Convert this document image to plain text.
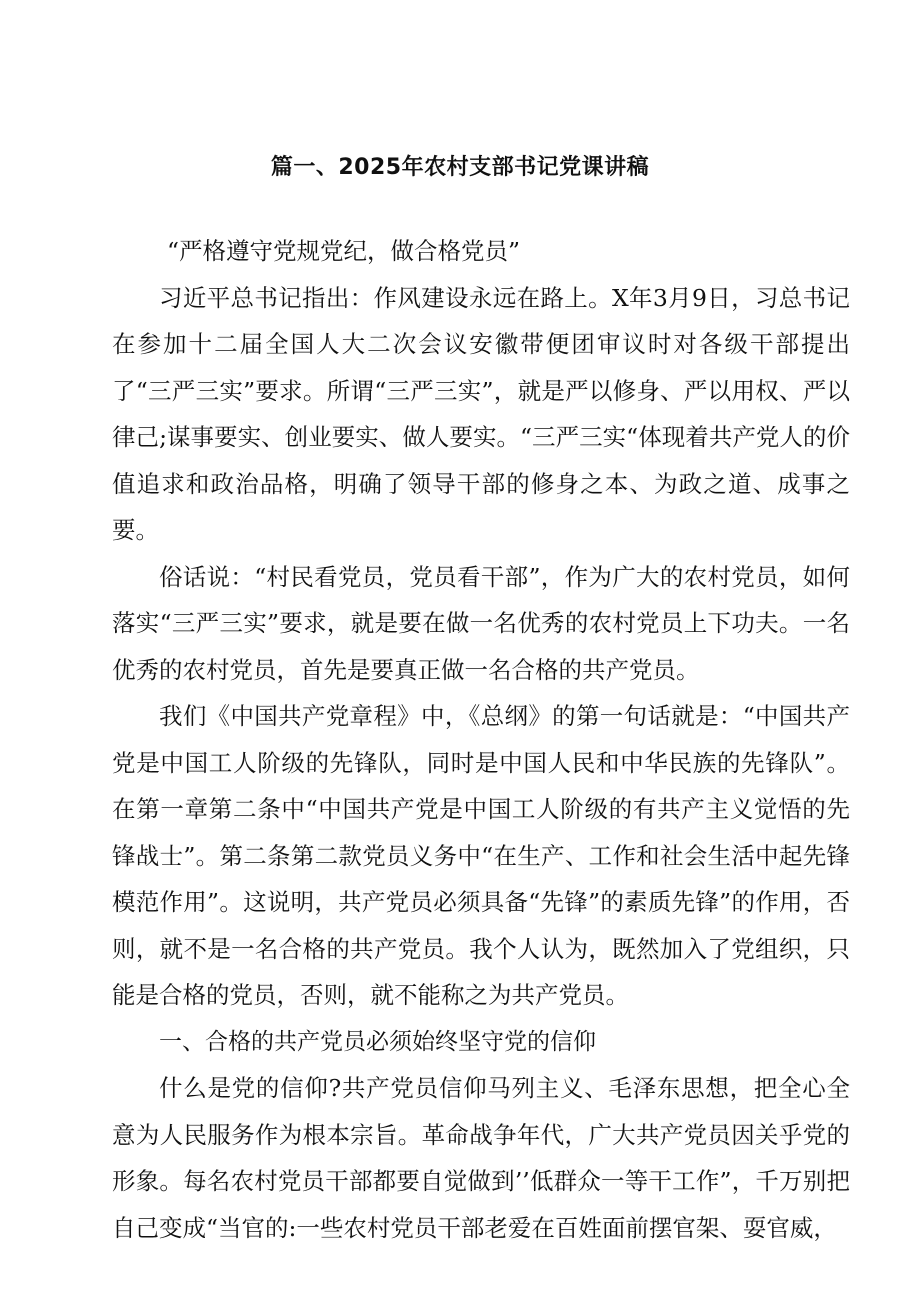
篇一、2025年农村支部书记党课讲稿

“严格遵守党规党纪，做合格党员”

习近平总书记指出：作风建设永远在路上。X年3月9日，习总书记在参加十二届全国人大二次会议安徽带便团审议时对各级干部提出了“三严三实”要求。所谓“三严三实”，就是严以修身、严以用权、严以律己;谋事要实、创业要实、做人要实。“三严三实“体现着共产党人的价值追求和政治品格，明确了领导干部的修身之本、为政之道、成事之要。

俗话说：“村民看党员，党员看干部”，作为广大的农村党员，如何落实“三严三实”要求，就是要在做一名优秀的农村党员上下功夫。一名优秀的农村党员，首先是要真正做一名合格的共产党员。

我们《中国共产党章程》中，《总纲》的第一句话就是：“中国共产党是中国工人阶级的先锋队，同时是中国人民和中华民族的先锋队”。在第一章第二条中“中国共产党是中国工人阶级的有共产主义觉悟的先锋战士”。第二条第二款党员义务中“在生产、工作和社会生活中起先锋模范作用”。这说明，共产党员必须具备“先锋”的素质先锋”的作用，否则，就不是一名合格的共产党员。我个人认为，既然加入了党组织，只能是合格的党员，否则，就不能称之为共产党员。

一、合格的共产党员必须始终坚守党的信仰

什么是党的信仰?共产党员信仰马列主义、毛泽东思想，把全心全意为人民服务作为根本宗旨。革命战争年代，广大共产党员因关乎党的形象。每名农村党员干部都要自觉做到’’低群众一等干工作”，千万别把自己变成“当官的:一些农村党员干部老爱在百姓面前摆官架、耍官威，
